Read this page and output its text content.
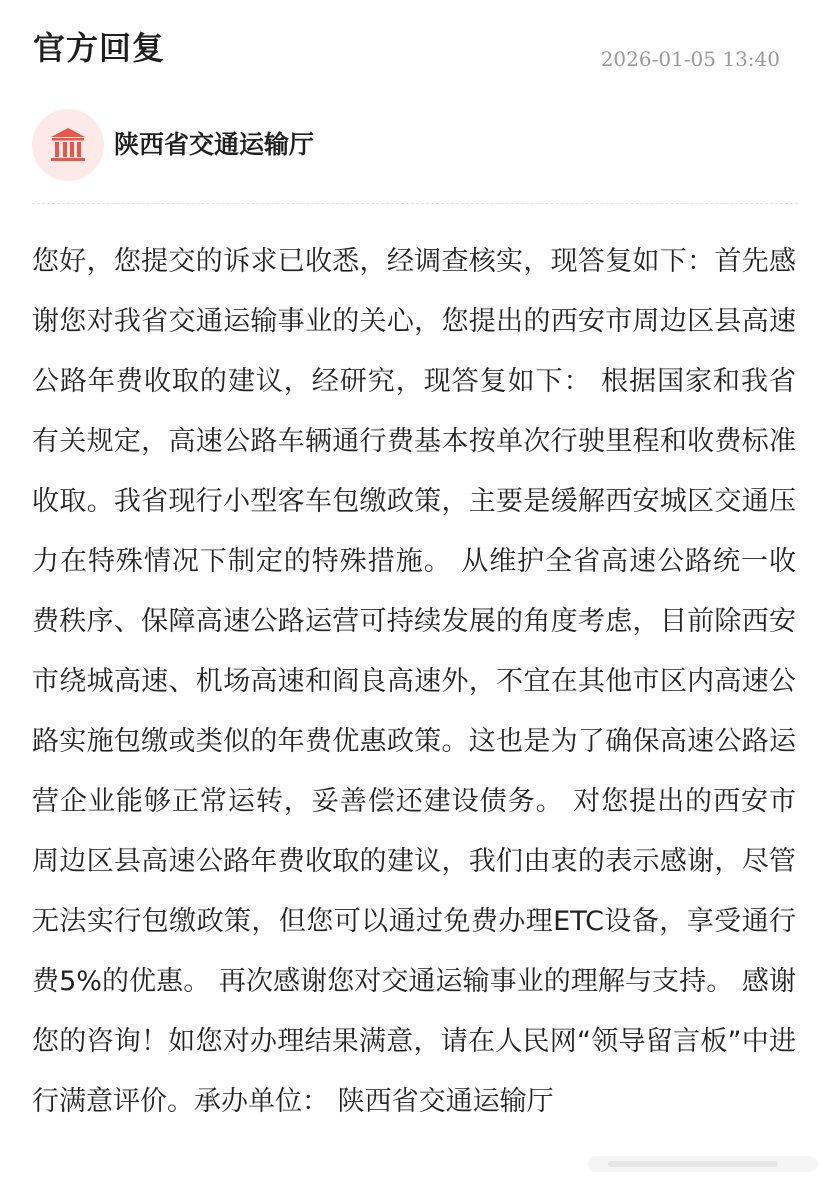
官方回复	2026-01-05 13:40
陕西省交通运输厅
您好，您提交的诉求已收悉，经调查核实，现答复如下：首先感谢您对我省交通运输事业的关心，您提出的西安市周边区县高速公路年费收取的建议，经研究，现答复如下： 根据国家和我省有关规定，高速公路车辆通行费基本按单次行驶里程和收费标准收取。我省现行小型客车包缴政策，主要是缓解西安城区交通压力在特殊情况下制定的特殊措施。 从维护全省高速公路统一收费秩序、保障高速公路运营可持续发展的角度考虑，目前除西安市绕城高速、机场高速和阎良高速外，不宜在其他市区内高速公路实施包缴或类似的年费优惠政策。这也是为了确保高速公路运营企业能够正常运转，妥善偿还建设债务。 对您提出的西安市周边区县高速公路年费收取的建议，我们由衷的表示感谢，尽管无法实行包缴政策，但您可以通过免费办理ETC设备，享受通行费5%的优惠。 再次感谢您对交通运输事业的理解与支持。 感谢您的咨询！如您对办理结果满意，请在人民网“领导留言板”中进行满意评价。承办单位： 陕西省交通运输厅
